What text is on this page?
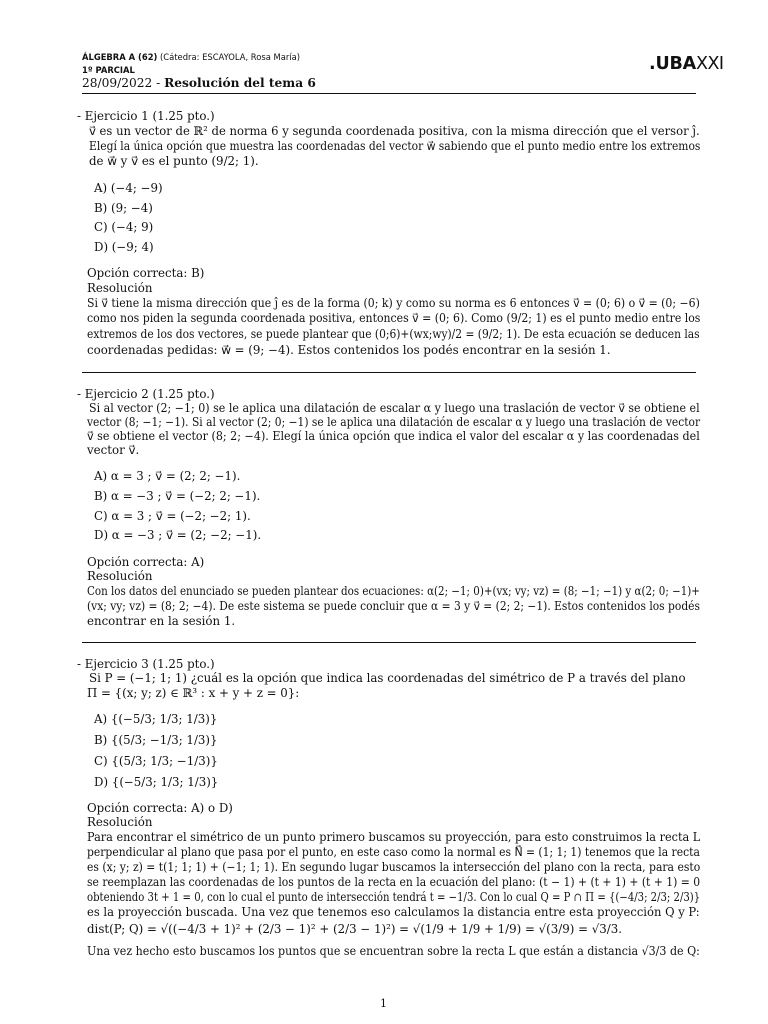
ÁLGEBRA A (62) (Cátedra: ESCAYOLA, Rosa María)
1º PARCIAL
28/09/2022 - Resolución del tema 6
.UBAXXI
- Ejercicio 1 (1.25 pto.)
v⃗ es un vector de ℝ² de norma 6 y segunda coordenada positiva, con la misma dirección que el versor ĵ.
Elegí la única opción que muestra las coordenadas del vector w⃗ sabiendo que el punto medio entre los extremos
de w⃗ y v⃗ es el punto (9/2; 1).
A) (−4; −9)
B) (9; −4)
C) (−4; 9)
D) (−9; 4)
Opción correcta: B)
Resolución
Si v⃗ tiene la misma dirección que ĵ es de la forma (0; k) y como su norma es 6 entonces v⃗ = (0; 6) o v⃗ = (0; −6)
como nos piden la segunda coordenada positiva, entonces v⃗ = (0; 6). Como (9/2; 1) es el punto medio entre los
extremos de los dos vectores, se puede plantear que (0;6)+(wx;wy)/2 = (9/2; 1). De esta ecuación se deducen las
coordenadas pedidas: w⃗ = (9; −4). Estos contenidos los podés encontrar en la sesión 1.
- Ejercicio 2 (1.25 pto.)
Si al vector (2; −1; 0) se le aplica una dilatación de escalar α y luego una traslación de vector v⃗ se obtiene el
vector (8; −1; −1). Si al vector (2; 0; −1) se le aplica una dilatación de escalar α y luego una traslación de vector
v⃗ se obtiene el vector (8; 2; −4). Elegí la única opción que indica el valor del escalar α y las coordenadas del
vector v⃗.
A) α = 3 ; v⃗ = (2; 2; −1).
B) α = −3 ; v⃗ = (−2; 2; −1).
C) α = 3 ; v⃗ = (−2; −2; 1).
D) α = −3 ; v⃗ = (2; −2; −1).
Opción correcta: A)
Resolución
Con los datos del enunciado se pueden plantear dos ecuaciones: α(2; −1; 0)+(vx; vy; vz) = (8; −1; −1) y α(2; 0; −1)+
(vx; vy; vz) = (8; 2; −4). De este sistema se puede concluir que α = 3 y v⃗ = (2; 2; −1). Estos contenidos los podés
encontrar en la sesión 1.
- Ejercicio 3 (1.25 pto.)
Si P = (−1; 1; 1) ¿cuál es la opción que indica las coordenadas del simétrico de P a través del plano
Π = {(x; y; z) ∈ ℝ³ : x + y + z = 0}:
A) {(−5/3; 1/3; 1/3)}
B) {(5/3; −1/3; 1/3)}
C) {(5/3; 1/3; −1/3)}
D) {(−5/3; 1/3; 1/3)}
Opción correcta: A) o D)
Resolución
Para encontrar el simétrico de un punto primero buscamos su proyección, para esto construimos la recta L
perpendicular al plano que pasa por el punto, en este caso como la normal es N⃗ = (1; 1; 1) tenemos que la recta
es (x; y; z) = t(1; 1; 1) + (−1; 1; 1). En segundo lugar buscamos la intersección del plano con la recta, para esto
se reemplazan las coordenadas de los puntos de la recta en la ecuación del plano: (t − 1) + (t + 1) + (t + 1) = 0
obteniendo 3t + 1 = 0, con lo cual el punto de intersección tendrá t = −1/3. Con lo cual Q = P ∩ Π = {(−4/3; 2/3; 2/3)}
es la proyección buscada. Una vez que tenemos eso calculamos la distancia entre esta proyección Q y P:
dist(P; Q) = √((−4/3 + 1)² + (2/3 − 1)² + (2/3 − 1)²) = √(1/9 + 1/9 + 1/9) = √(3/9) = √3/3.
Una vez hecho esto buscamos los puntos que se encuentran sobre la recta L que están a distancia √3/3 de Q:
1
